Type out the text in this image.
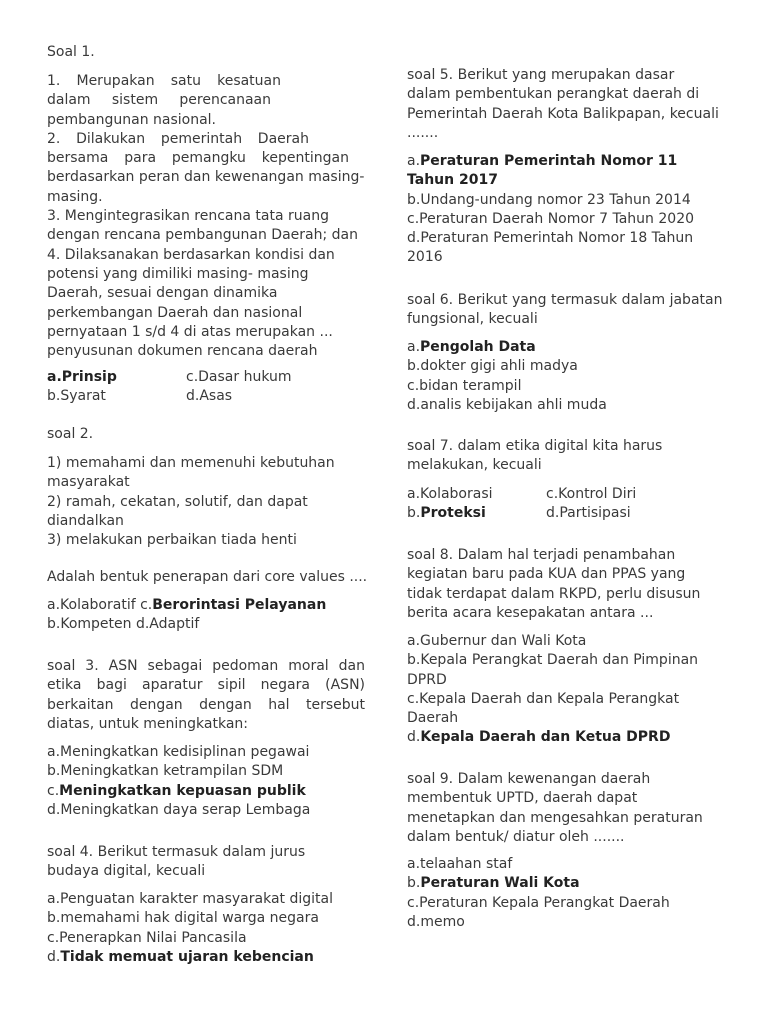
Soal 1.
1. Merupakan satu kesatuan
dalam sistem perencanaan
pembangunan nasional.
2. Dilakukan pemerintah Daerah
bersama para pemangku kepentingan
berdasarkan peran dan kewenangan masing-
masing.
3. Mengintegrasikan rencana tata ruang
dengan rencana pembangunan Daerah; dan
4. Dilaksanakan berdasarkan kondisi dan
potensi yang dimiliki masing- masing
Daerah, sesuai dengan dinamika
perkembangan Daerah dan nasional
pernyataan 1 s/d 4 di atas merupakan ...
penyusunan dokumen rencana daerah
a.Prinsip	c.Dasar hukum
b.Syarat	d.Asas
soal 2.
1) memahami dan memenuhi kebutuhan masyarakat
2) ramah, cekatan, solutif, dan dapat diandalkan
3) melakukan perbaikan tiada henti
Adalah bentuk penerapan dari core values ....
a.Kolaboratif c.Berorintasi Pelayanan
b.Kompeten d.Adaptif
soal 3. ASN sebagai pedoman moral dan etika bagi aparatur sipil negara (ASN) berkaitan dengan dengan hal tersebut diatas, untuk meningkatkan:
a.Meningkatkan kedisiplinan pegawai
b.Meningkatkan ketrampilan SDM
c.Meningkatkan kepuasan publik
d.Meningkatkan daya serap Lembaga
soal 4. Berikut termasuk dalam jurus budaya digital, kecuali
a.Penguatan karakter masyarakat digital
b.memahami hak digital warga negara
c.Penerapkan Nilai Pancasila
d.Tidak memuat ujaran kebencian
soal 5. Berikut yang merupakan dasar dalam pembentukan perangkat daerah di Pemerintah Daerah Kota Balikpapan, kecuali .......
a.Peraturan Pemerintah Nomor 11 Tahun 2017
b.Undang-undang nomor 23 Tahun 2014
c.Peraturan Daerah Nomor 7 Tahun 2020
d.Peraturan Pemerintah Nomor 18 Tahun 2016
soal 6. Berikut yang termasuk dalam jabatan fungsional, kecuali
a.Pengolah Data
b.dokter gigi ahli madya
c.bidan terampil
d.analis kebijakan ahli muda
soal 7. dalam etika digital kita harus melakukan, kecuali
a.Kolaborasi	c.Kontrol Diri
b.Proteksi	d.Partisipasi
soal 8. Dalam hal terjadi penambahan kegiatan baru pada KUA dan PPAS yang tidak terdapat dalam RKPD, perlu disusun berita acara kesepakatan antara ...
a.Gubernur dan Wali Kota
b.Kepala Perangkat Daerah dan Pimpinan DPRD
c.Kepala Daerah dan Kepala Perangkat Daerah
d.Kepala Daerah dan Ketua DPRD
soal 9. Dalam kewenangan daerah membentuk UPTD, daerah dapat menetapkan dan mengesahkan peraturan dalam bentuk/ diatur oleh .......
a.telaahan staf
b.Peraturan Wali Kota
c.Peraturan Kepala Perangkat Daerah
d.memo
